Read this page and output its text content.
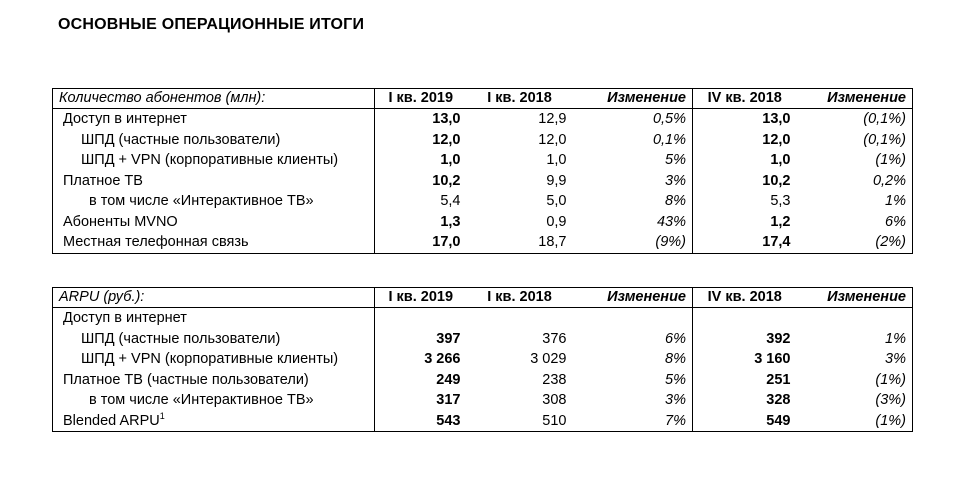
ОСНОВНЫЕ ОПЕРАЦИОННЫЕ ИТОГИ
Количество абонентов (млн):	I кв. 2019	I кв. 2018	Изменение	IV кв. 2018	Изменение
Доступ в интернет	13,0	12,9	0,5%	13,0	(0,1%)
ШПД (частные пользователи)	12,0	12,0	0,1%	12,0	(0,1%)
ШПД + VPN (корпоративные клиенты)	1,0	1,0	5%	1,0	(1%)
Платное ТВ	10,2	9,9	3%	10,2	0,2%
в том числе «Интерактивное ТВ»	5,4	5,0	8%	5,3	1%
Абоненты MVNO	1,3	0,9	43%	1,2	6%
Местная телефонная связь	17,0	18,7	(9%)	17,4	(2%)
ARPU (руб.):	I кв. 2019	I кв. 2018	Изменение	IV кв. 2018	Изменение
Доступ в интернет					
ШПД (частные пользователи)	397	376	6%	392	1%
ШПД + VPN (корпоративные клиенты)	3 266	3 029	8%	3 160	3%
Платное ТВ (частные пользователи)	249	238	5%	251	(1%)
в том числе «Интерактивное ТВ»	317	308	3%	328	(3%)
Blended ARPU$^1$	543	510	7%	549	(1%)
